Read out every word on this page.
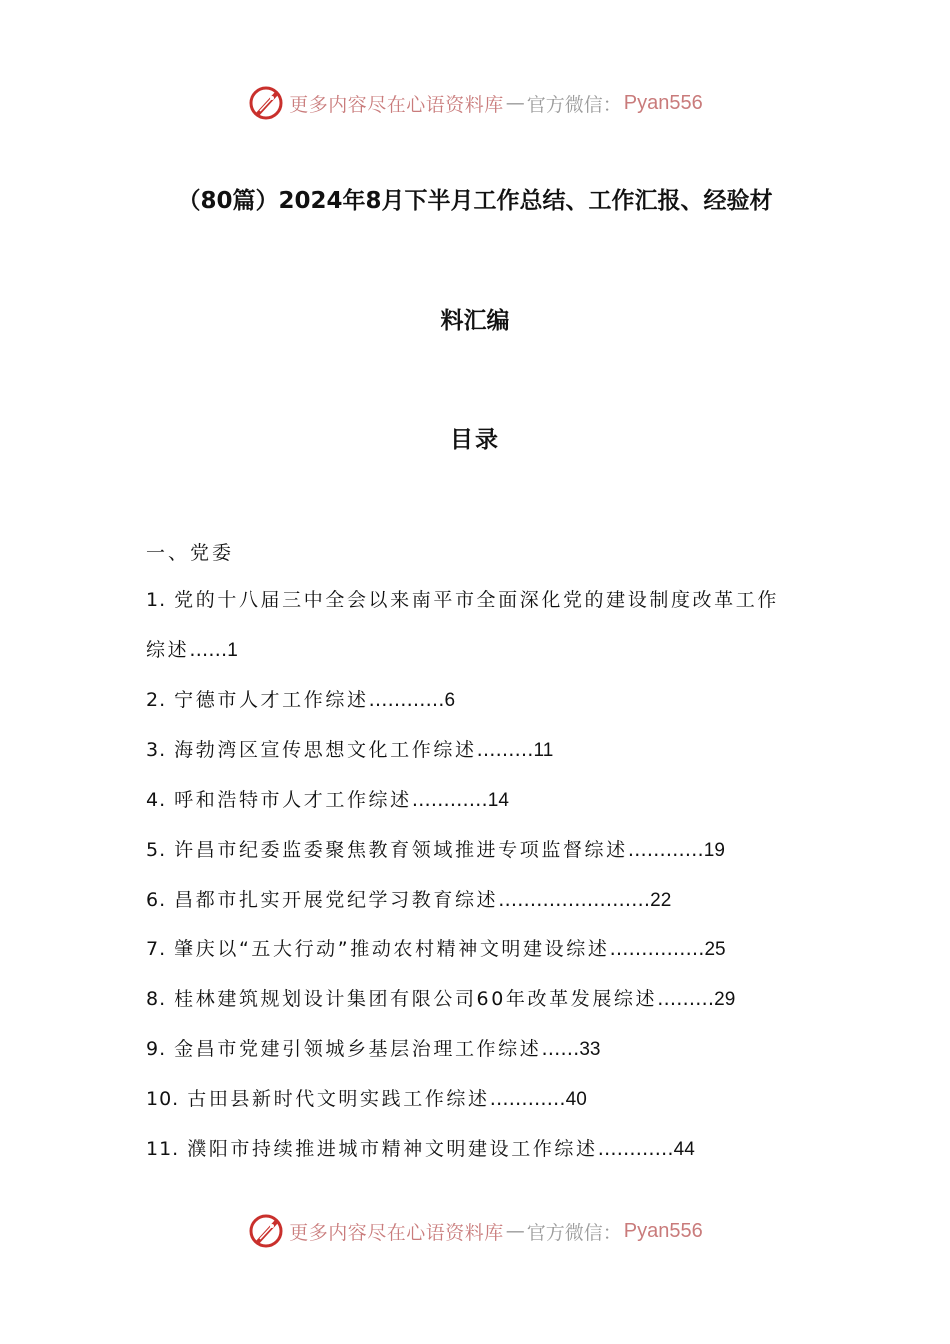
更多内容尽在心语资料库 — 官方微信： Pyan556
（80篇）2024年8月下半月工作总结、工作汇报、经验材
料汇编
目录
一、党委
1. 党的十八届三中全会以来南平市全面深化党的建设制度改革工作
综述……1
2. 宁德市人才工作综述…………6
3. 海勃湾区宣传思想文化工作综述………11
4. 呼和浩特市人才工作综述…………14
5. 许昌市纪委监委聚焦教育领域推进专项监督综述…………19
6. 昌都市扎实开展党纪学习教育综述……………………22
7. 肇庆以“五大行动”推动农村精神文明建设综述……………25
8. 桂林建筑规划设计集团有限公司60年改革发展综述………29
9. 金昌市党建引领城乡基层治理工作综述……33
10. 古田县新时代文明实践工作综述…………40
11. 濮阳市持续推进城市精神文明建设工作综述…………44
更多内容尽在心语资料库 — 官方微信： Pyan556
